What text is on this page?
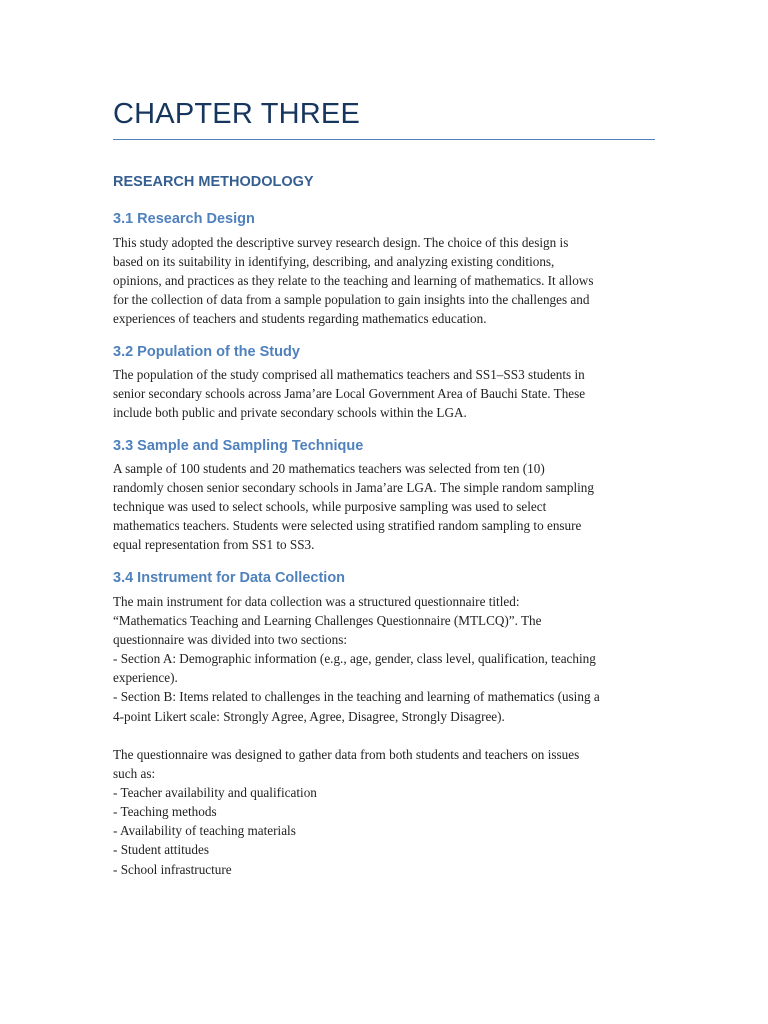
CHAPTER THREE
RESEARCH METHODOLOGY
3.1 Research Design

This study adopted the descriptive survey research design. The choice of this design is
based on its suitability in identifying, describing, and analyzing existing conditions,
opinions, and practices as they relate to the teaching and learning of mathematics. It allows
for the collection of data from a sample population to gain insights into the challenges and
experiences of teachers and students regarding mathematics education.

3.2 Population of the Study

The population of the study comprised all mathematics teachers and SS1–SS3 students in
senior secondary schools across Jama’are Local Government Area of Bauchi State. These
include both public and private secondary schools within the LGA.

3.3 Sample and Sampling Technique

A sample of 100 students and 20 mathematics teachers was selected from ten (10)
randomly chosen senior secondary schools in Jama’are LGA. The simple random sampling
technique was used to select schools, while purposive sampling was used to select
mathematics teachers. Students were selected using stratified random sampling to ensure
equal representation from SS1 to SS3.

3.4 Instrument for Data Collection

The main instrument for data collection was a structured questionnaire titled:
“Mathematics Teaching and Learning Challenges Questionnaire (MTLCQ)”. The
questionnaire was divided into two sections:
- Section A: Demographic information (e.g., age, gender, class level, qualification, teaching
experience).
- Section B: Items related to challenges in the teaching and learning of mathematics (using a
4-point Likert scale: Strongly Agree, Agree, Disagree, Strongly Disagree).

The questionnaire was designed to gather data from both students and teachers on issues
such as:
- Teacher availability and qualification
- Teaching methods
- Availability of teaching materials
- Student attitudes
- School infrastructure
